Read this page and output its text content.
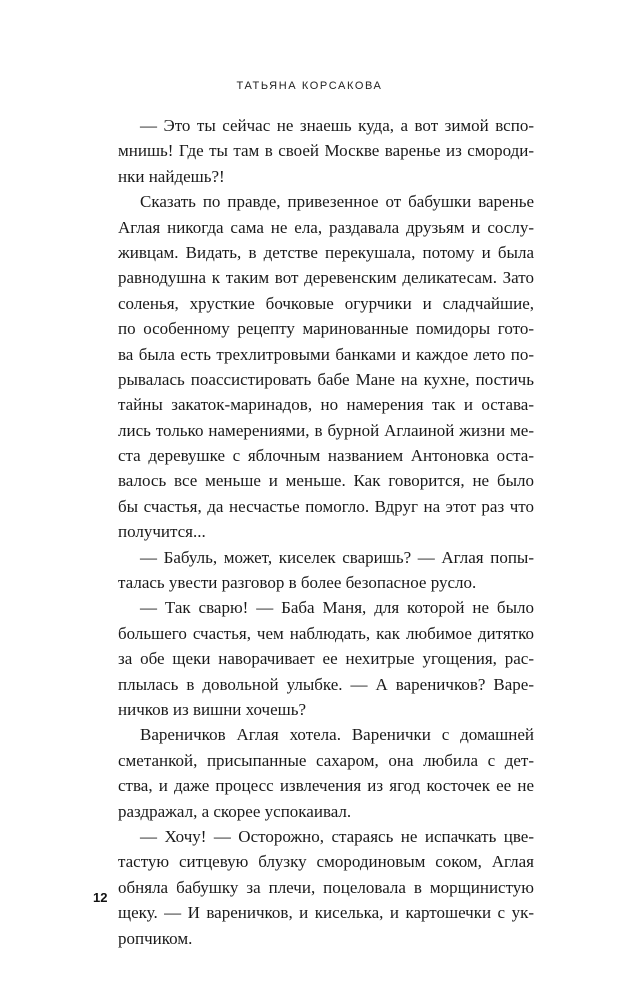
ТАТЬЯНА КОРСАКОВА
— Это ты сейчас не знаешь куда, а вот зимой вспо-
мнишь! Где ты там в своей Москве варенье из смороди-
нки найдешь?!
Сказать по правде, привезенное от бабушки варенье
Аглая никогда сама не ела, раздавала друзьям и сослу-
живцам. Видать, в детстве перекушала, потому и была
равнодушна к таким вот деревенским деликатесам. Зато
соленья, хрусткие бочковые огурчики и сладчайшие,
по особенному рецепту маринованные помидоры гото-
ва была есть трехлитровыми банками и каждое лето по-
рывалась поассистировать бабе Мане на кухне, постичь
тайны закаток-маринадов, но намерения так и остава-
лись только намерениями, в бурной Аглаиной жизни ме-
ста деревушке с яблочным названием Антоновка оста-
валось все меньше и меньше. Как говорится, не было
бы счастья, да несчастье помогло. Вдруг на этот раз что
получится...
— Бабуль, может, киселек сваришь? — Аглая попы-
талась увести разговор в более безопасное русло.
— Так сварю! — Баба Маня, для которой не было
большего счастья, чем наблюдать, как любимое дитятко
за обе щеки наворачивает ее нехитрые угощения, рас-
плылась в довольной улыбке. — А вареничков? Варе-
ничков из вишни хочешь?
Вареничков Аглая хотела. Варенички с домашней
сметанкой, присыпанные сахаром, она любила с дет-
ства, и даже процесс извлечения из ягод косточек ее не
раздражал, а скорее успокаивал.
— Хочу! — Осторожно, стараясь не испачкать цве-
тастую ситцевую блузку смородиновым соком, Аглая
обняла бабушку за плечи, поцеловала в морщинистую
щеку. — И вареничков, и киселька, и картошечки с ук-
ропчиком.
12
